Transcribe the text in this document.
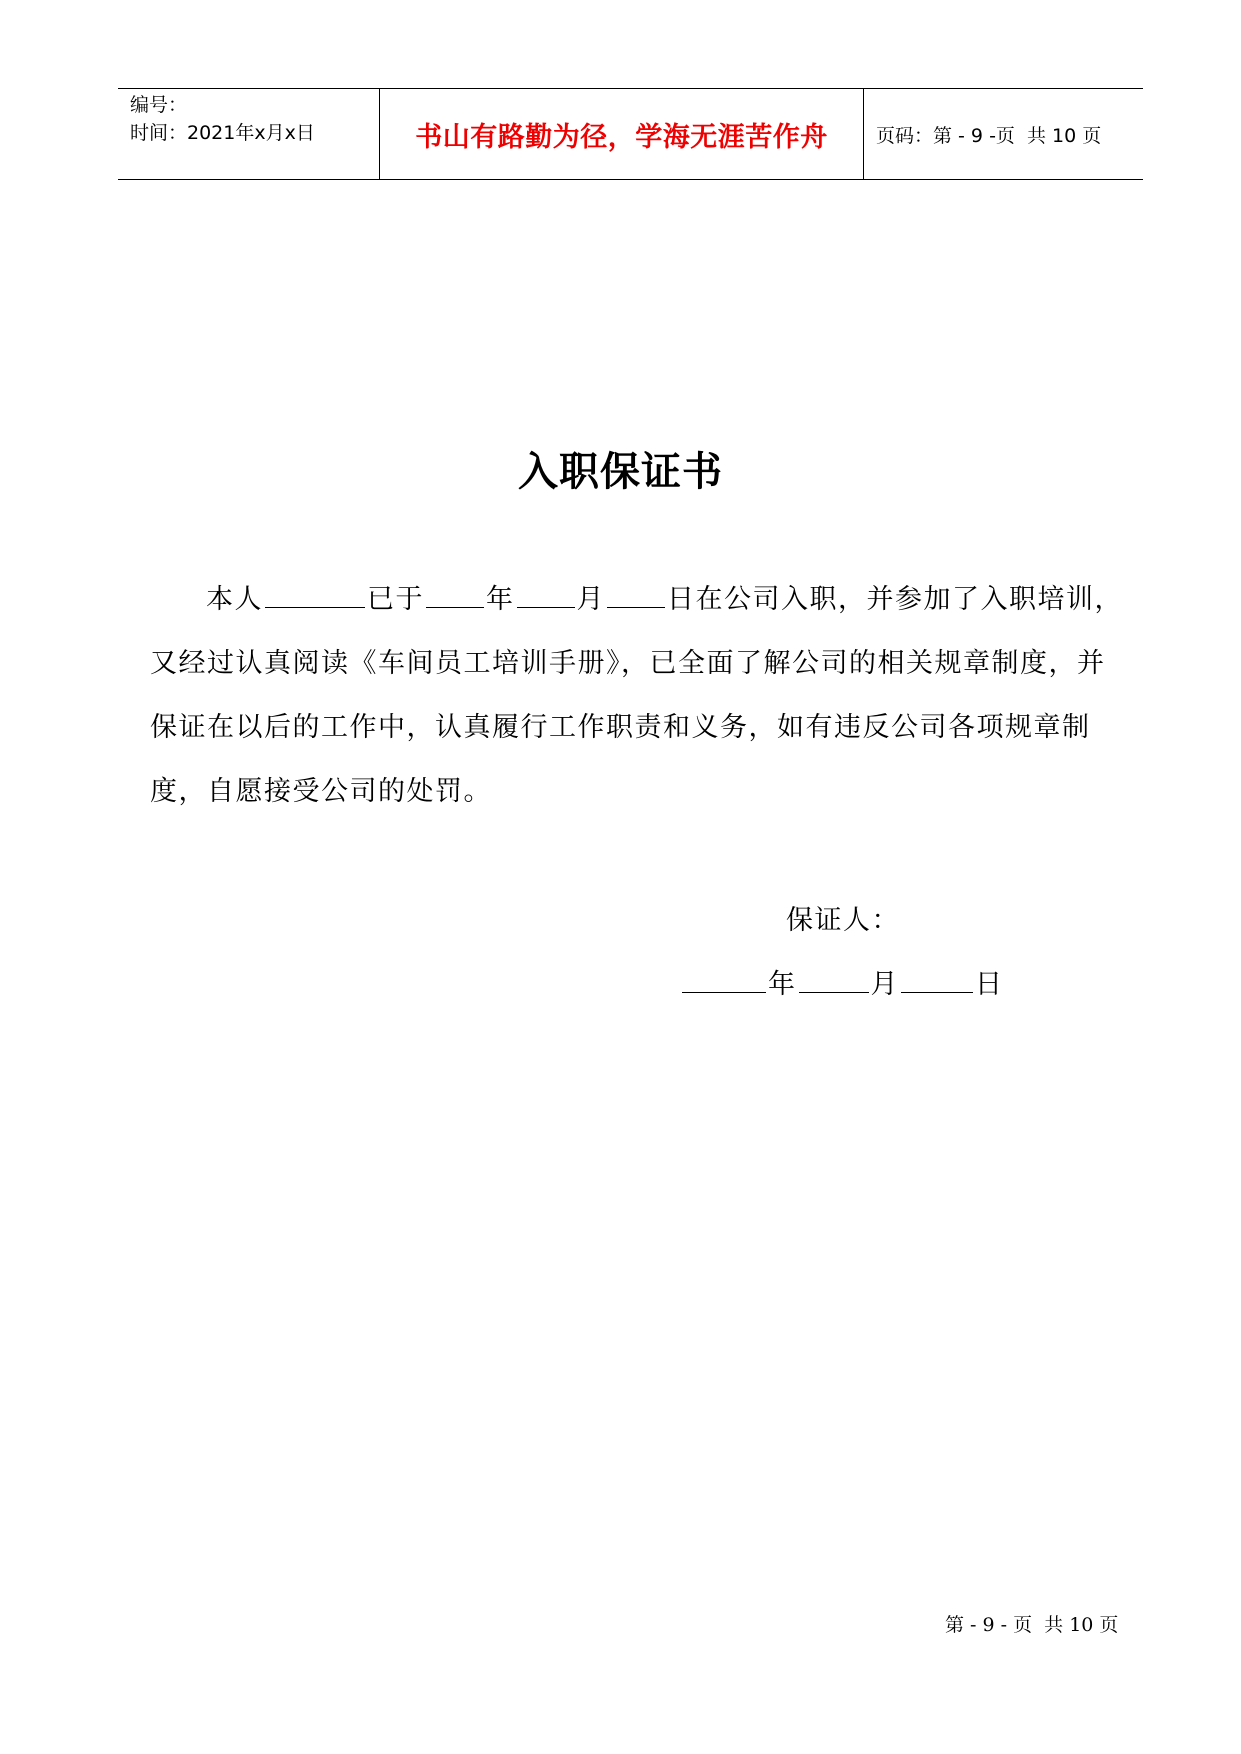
编号：
时间：2021年x月x日	书山有路勤为径，学海无涯苦作舟	页码：第 - 9 -页  共 10 页
入职保证书
本人	已于 年 月 日在公司入职，并参加了入职培训，
又经过认真阅读《车间员工培训手册》，已全面了解公司的相关规章制度，并
保证在以后的工作中，认真履行工作职责和义务，如有违反公司各项规章制
度，自愿接受公司的处罚。
保证人：
年	月	日
第 - 9 - 页  共 10 页
